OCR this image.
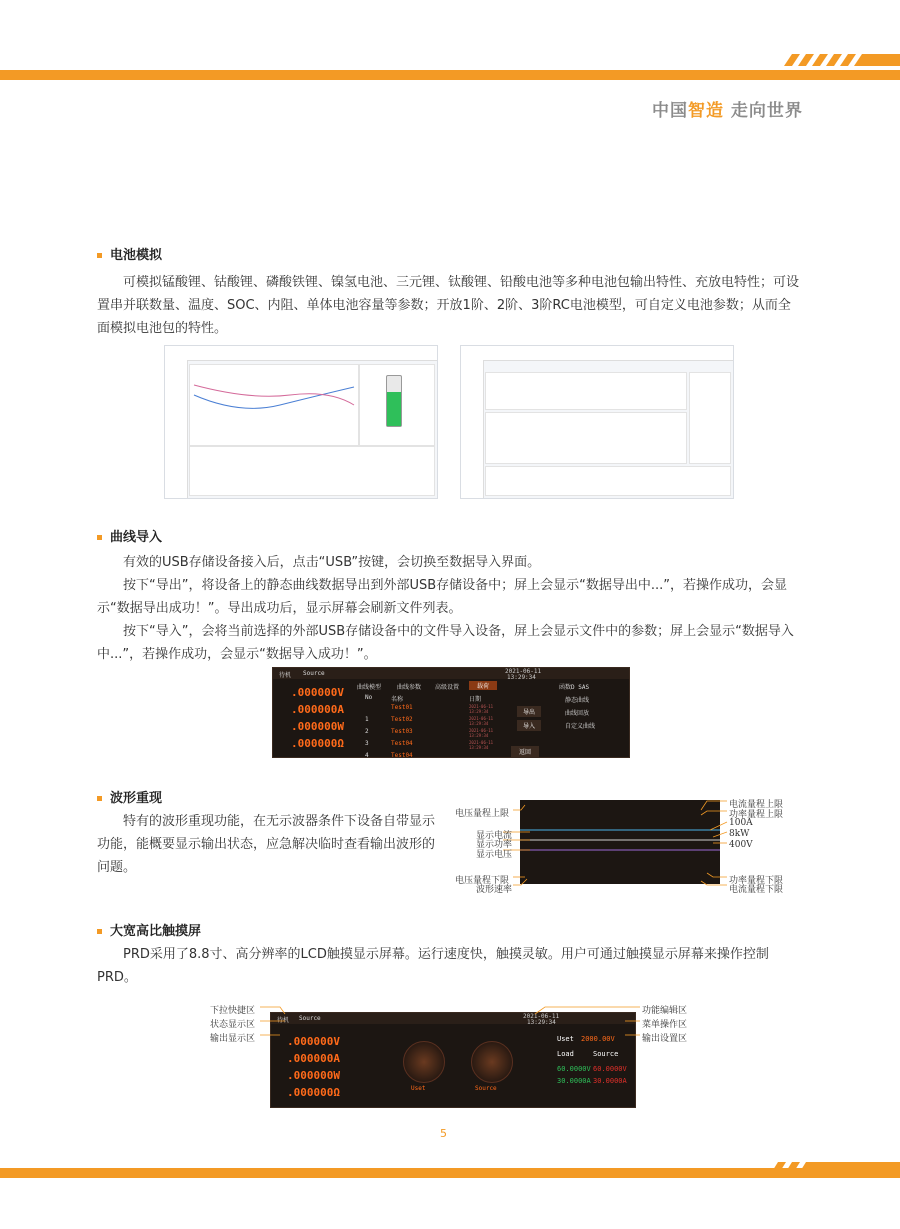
中国智造 走向世界
电池模拟

可模拟锰酸锂、钴酸锂、磷酸铁锂、镍氢电池、三元锂、钛酸锂、铅酸电池等多种电池包输出特性、充放电特性；可设置串并联数量、温度、SOC、内阻、单体电池容量等参数；开放1阶、2阶、3阶RC电池模型，可自定义电池参数；从而全面模拟电池包的特性。

曲线导入

有效的USB存储设备接入后，点击“USB”按键，会切换至数据导入界面。

按下“导出”，将设备上的静态曲线数据导出到外部USB存储设备中；屏上会显示“数据导出中...”，若操作成功，会显示“数据导出成功！”。导出成功后，显示屏幕会刷新文件列表。

按下“导入”，会将当前选择的外部USB存储设备中的文件导入设备，屏上会显示文件中的参数；屏上会显示“数据导入中...”，若操作成功，会显示“数据导入成功！”。

待机 Source	2021-06-11
13:29:34
.000000V
.000000A
.000000W
.000000Ω
曲线模型	曲线参数 高级设置	载荷
No	名称	日期
Test01	2021-06-11 13:29:34
1	Test02	2021-06-11 13:29:34
2	Test03	2021-06-11 13:29:34
3	Test04	2021-06-11 13:29:34
4	Test04
导出
导入
返回
函数D SAS
静态曲线
曲线回放
自定义曲线
波形重现

特有的波形重现功能，在无示波器条件下设备自带显示功能，能概要显示输出状态，应急解决临时查看输出波形的问题。

电压量程上限
显示电流
显示功率
显示电压
电压量程下限
波形速率
电流量程上限
功率量程上限
100A
8kW
400V
功率量程下限
电流量程下限
大宽高比触摸屏

PRD采用了8.8寸、高分辨率的LCD触摸显示屏幕。运行速度快，触摸灵敏。用户可通过触摸显示屏幕来操作控制PRD。

待机 Source	2021-06-11
13:29:34
.000000V
.000000A
.000000W
.000000Ω	Uset	Source
Uset 2000.00V
Load	Source
60.0000V 60.0000V
30.0000A 30.0000A
下拉快捷区
状态显示区
输出显示区
功能编辑区
菜单操作区
输出设置区
5
